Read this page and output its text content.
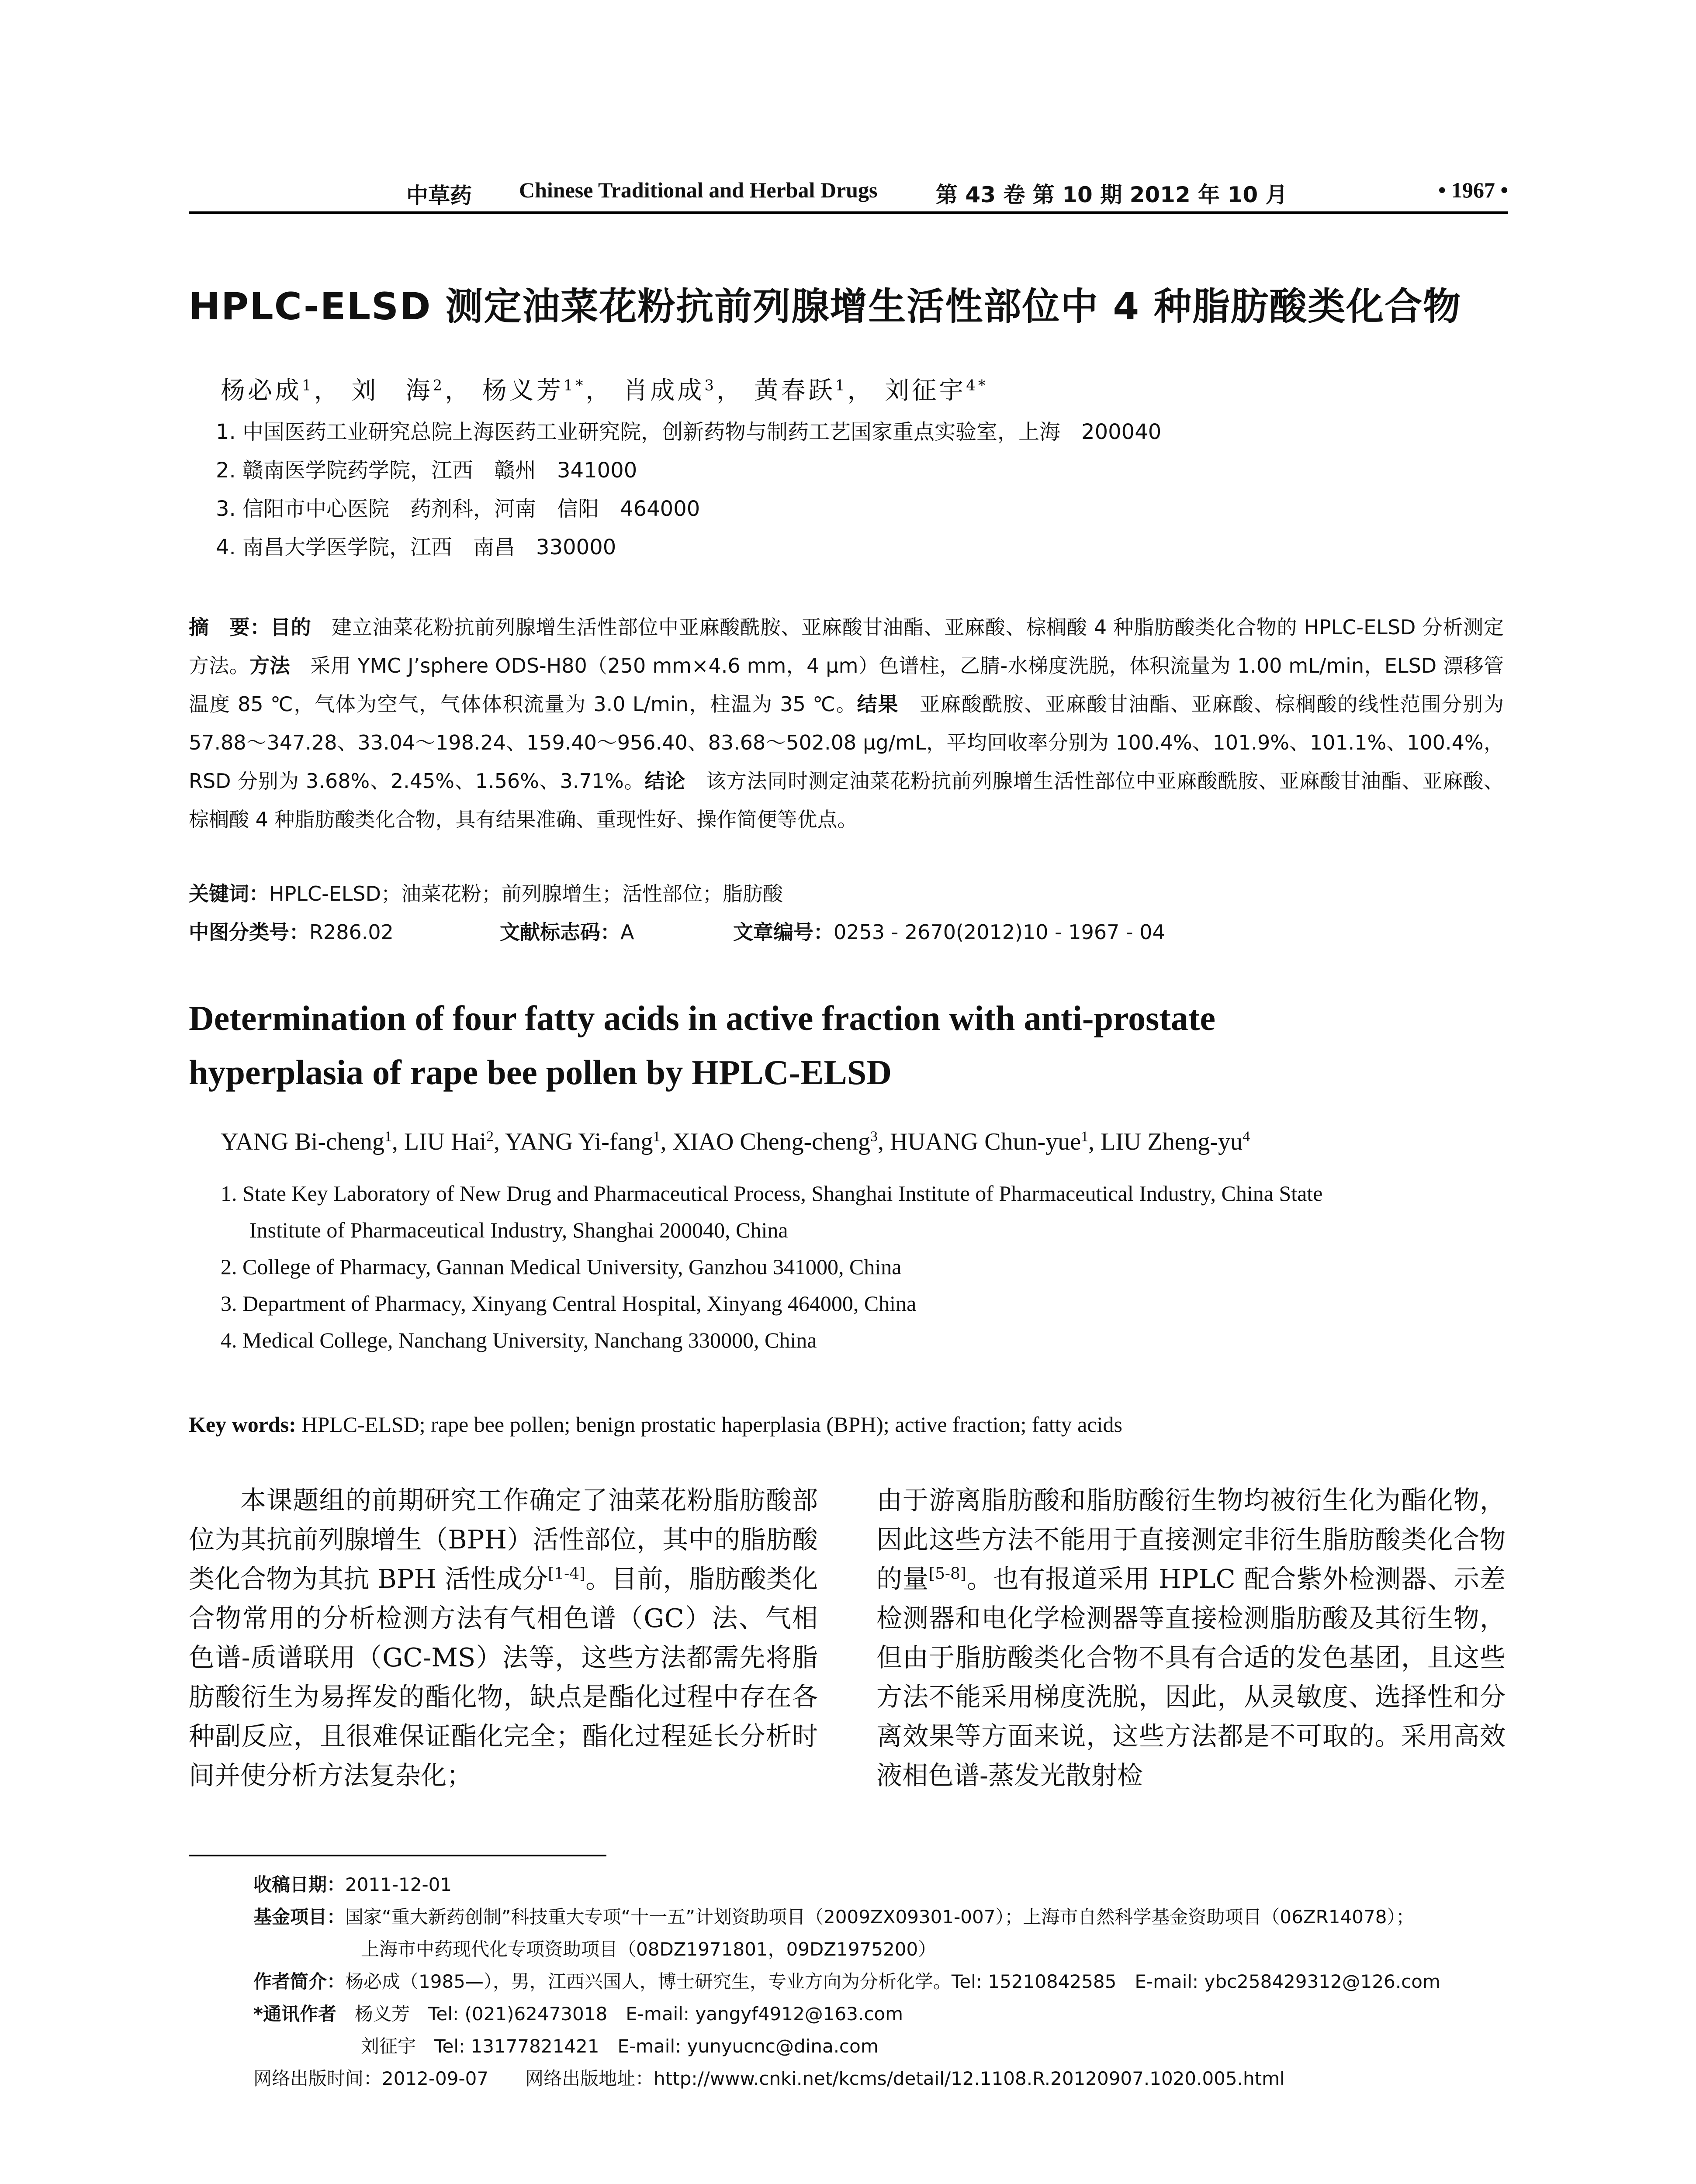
中草药 Chinese Traditional and Herbal Drugs	第 43 卷 第 10 期 2012 年 10 月	• 1967 •
HPLC-ELSD 测定油菜花粉抗前列腺增生活性部位中 4 种脂肪酸类化合物
杨必成$^1$， 刘　海$^2$， 杨义芳$^{1*}$， 肖成成$^3$， 黄春跃$^1$， 刘征宇$^{4*}$
1. 中国医药工业研究总院上海医药工业研究院，创新药物与制药工艺国家重点实验室，上海　200040
2. 赣南医学院药学院，江西　赣州　341000
3. 信阳市中心医院　药剂科，河南　信阳　464000
4. 南昌大学医学院，江西　南昌　330000
摘　要：目的　 建立油菜花粉抗前列腺增生活性部位中亚麻酸酰胺、亚麻酸甘油酯、亚麻酸、棕榈酸 4 种脂肪酸类化合物的 HPLC-ELSD 分析测定方法。方法　 采用 YMC J’sphere ODS-H80（250 mm×4.6 mm，4 μm）色谱柱，乙腈-水梯度洗脱，体积流量为 1.00 mL/min，ELSD 漂移管温度 85 ℃，气体为空气，气体体积流量为 3.0 L/min，柱温为 35 ℃。结果　 亚麻酸酰胺、亚麻酸甘油酯、亚麻酸、棕榈酸的线性范围分别为 57.88～347.28、33.04～198.24、159.40～956.40、83.68～502.08 μg/mL，平均回收率分别为 100.4%、101.9%、101.1%、100.4%，RSD 分别为 3.68%、2.45%、1.56%、3.71%。结论　 该方法同时测定油菜花粉抗前列腺增生活性部位中亚麻酸酰胺、亚麻酸甘油酯、亚麻酸、棕榈酸 4 种脂肪酸类化合物，具有结果准确、重现性好、操作简便等优点。
关键词：HPLC-ELSD；油菜花粉；前列腺增生；活性部位；脂肪酸
中图分类号：R286.02	文献标志码：A	文章编号：0253 - 2670(2012)10 - 1967 - 04
Determination of four fatty acids in active fraction with anti-prostate
hyperplasia of rape bee pollen by HPLC-ELSD
YANG Bi-cheng$^1$, LIU Hai$^2$, YANG Yi-fang$^1$, XIAO Cheng-cheng$^3$, HUANG Chun-yue$^1$, LIU Zheng-$yu^4$
1. State Key Laboratory of New Drug and Pharmaceutical Process, Shanghai Institute of Pharmaceutical Industry, China State
Institute of Pharmaceutical Industry, Shanghai 200040, China
2. College of Pharmacy, Gannan Medical University, Ganzhou 341000, China
3. Department of Pharmacy, Xinyang Central Hospital, Xinyang 464000, China
4. Medical College, Nanchang University, Nanchang 330000, China
Key words: HPLC-ELSD; rape bee pollen; benign prostatic haperplasia (BPH); active fraction; fatty acids

本课题组的前期研究工作确定了油菜花粉脂肪酸部位为其抗前列腺增生（BPH）活性部位，其中的脂肪酸类化合物为其抗 BPH 活性成分[1-4]。目前，脂肪酸类化合物常用的分析检测方法有气相色谱（GC）法、气相色谱-质谱联用（GC-MS）法等，这些方法都需先将脂肪酸衍生为易挥发的酯化物，缺点是酯化过程中存在各种副反应，且很难保证酯化完全；酯化过程延长分析时间并使分析方法复杂化；

由于游离脂肪酸和脂肪酸衍生物均被衍生化为酯化物，因此这些方法不能用于直接测定非衍生脂肪酸类化合物的量[5-8]。也有报道采用 HPLC 配合紫外检测器、示差检测器和电化学检测器等直接检测脂肪酸及其衍生物，但由于脂肪酸类化合物不具有合适的发色基团，且这些方法不能采用梯度洗脱，因此，从灵敏度、选择性和分离效果等方面来说，这些方法都是不可取的。采用高效液相色谱-蒸发光散射检

收稿日期：2011-12-01
基金项目：国家“重大新药创制”科技重大专项“十一五”计划资助项目（2009ZX09301-007）；上海市自然科学基金资助项目（06ZR14078）；
上海市中药现代化专项资助项目（08DZ1971801，09DZ1975200）
作者简介：杨必成（1985—），男，江西兴国人，博士研究生，专业方向为分析化学。Tel: 15210842585　E-mail: ybc258429312@126.com
*通讯作者　 杨义芳　Tel: (021)62473018　E-mail: yangyf4912@163.com
刘征宇　Tel: 13177821421　E-mail: yunyucnc@dina.com
网络出版时间：2012-09-07　　 网络出版地址：http://www.cnki.net/kcms/detail/12.1108.R.20120907.1020.005.html
